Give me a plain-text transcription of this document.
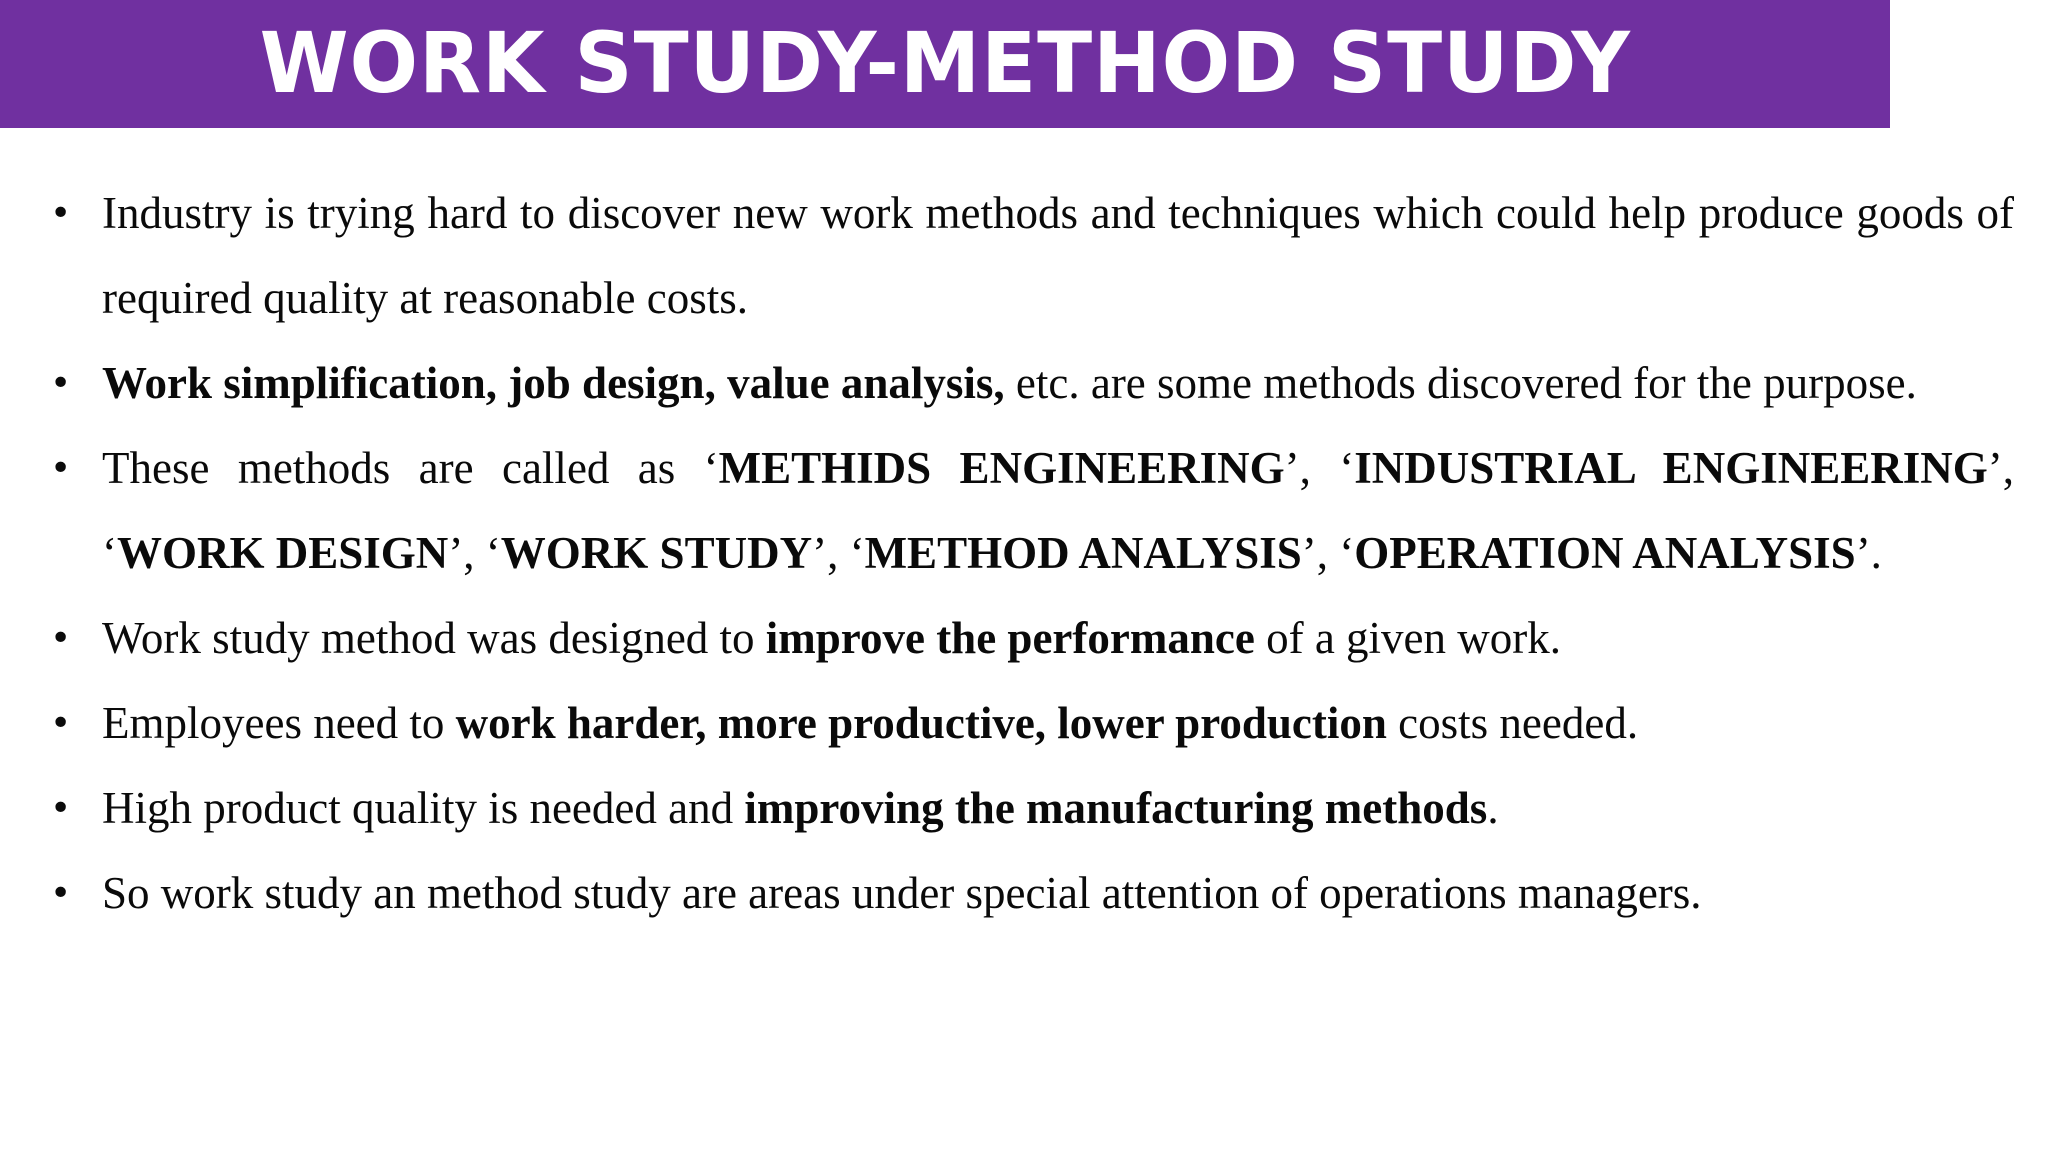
WORK STUDY-METHOD STUDY
• Industry is trying hard to discover new work methods and techniques which could help produce goods of required quality at reasonable costs.
• Work simplification, job design, value analysis, etc. are some methods discovered for the purpose.
• These methods are called as ‘METHIDS ENGINEERING’, ‘INDUSTRIAL ENGINEERING’, ‘WORK DESIGN’, ‘WORK STUDY’, ‘METHOD ANALYSIS’, ‘OPERATION ANALYSIS’.
• Work study method was designed to improve the performance of a given work.
• Employees need to work harder, more productive, lower production costs needed.
• High product quality is needed and improving the manufacturing methods.
• So work study an method study are areas under special attention of operations managers.
